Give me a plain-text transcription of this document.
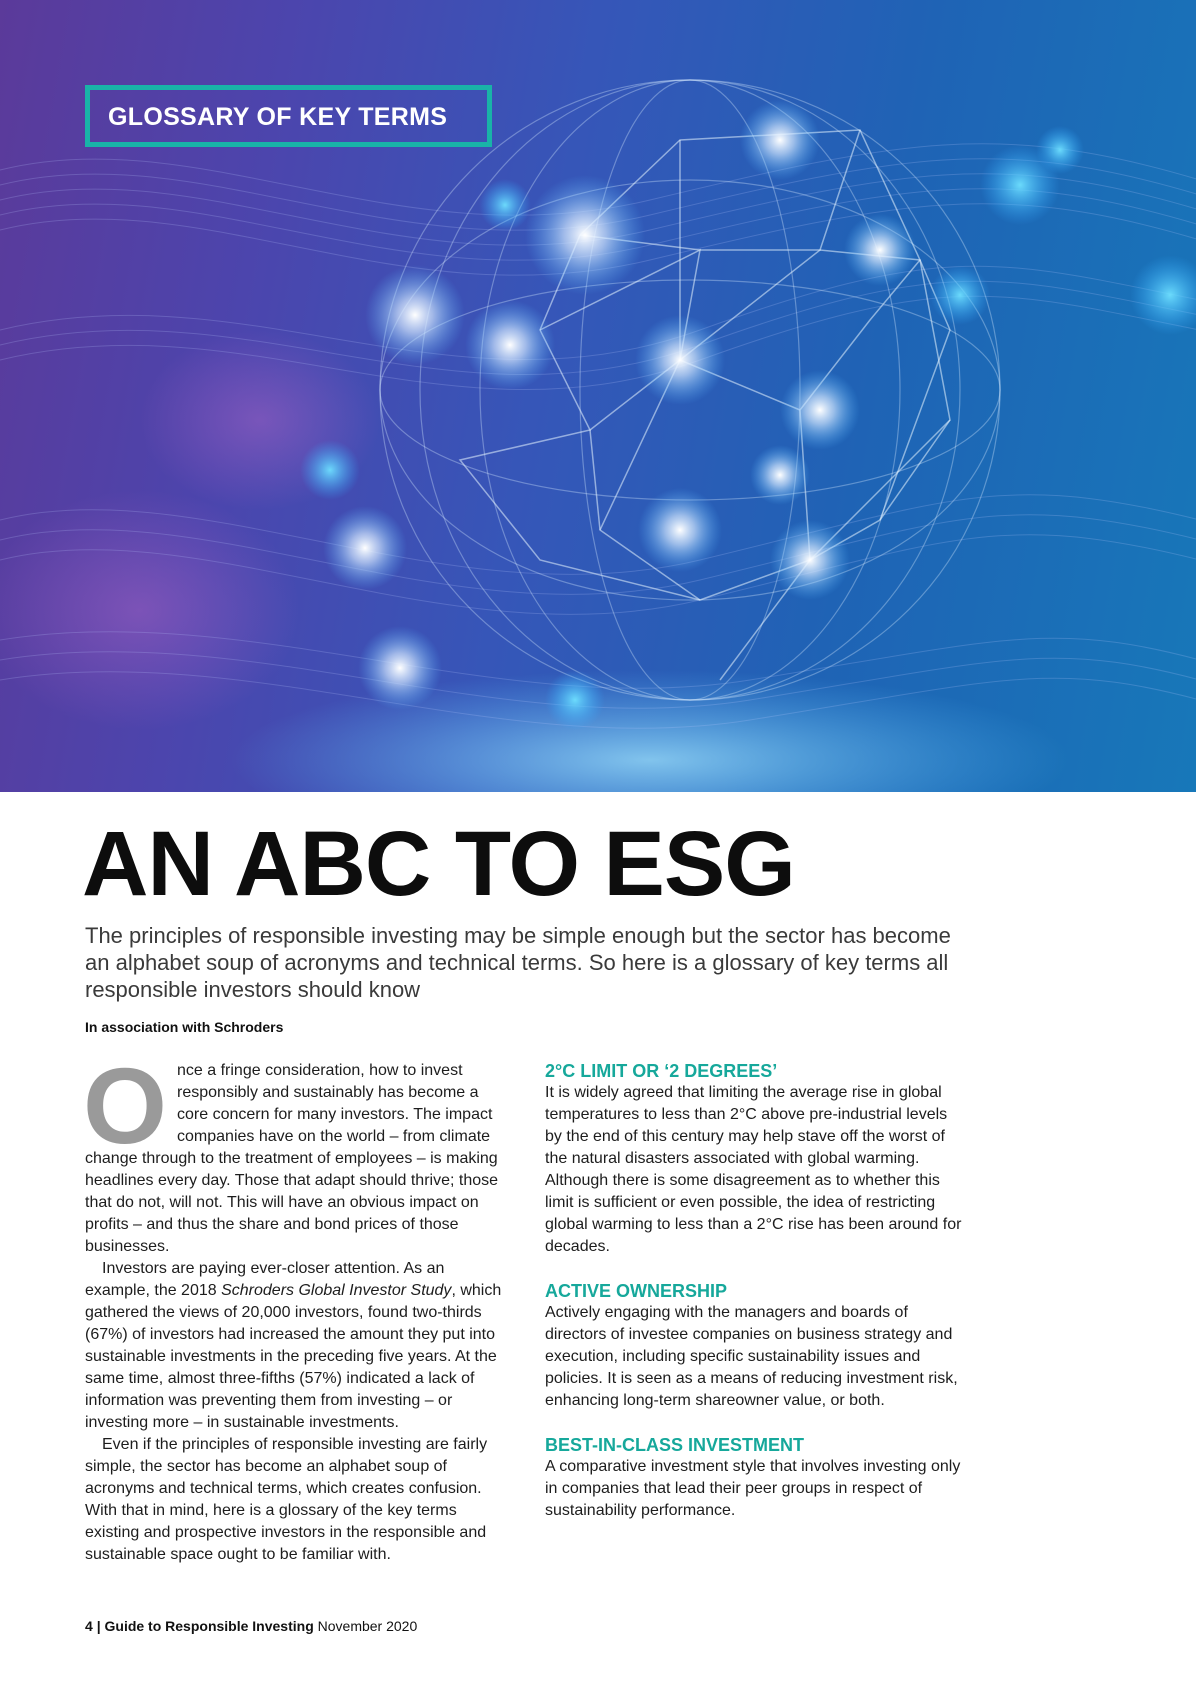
GLOSSARY OF KEY TERMS
AN ABC TO ESG
The principles of responsible investing may be simple enough but the sector has become an alphabet soup of acronyms and technical terms. So here is a glossary of key terms all responsible investors should know
In association with Schroders

Once a fringe consideration, how to invest responsibly and sustainably has become a core concern for many investors. The impact companies have on the world – from climate change through to the treatment of employees – is making headlines every day. Those that adapt should thrive; those that do not, will not. This will have an obvious impact on profits – and thus the share and bond prices of those businesses.

Investors are paying ever-closer attention. As an example, the 2018 Schroders Global Investor Study, which gathered the views of 20,000 investors, found two-thirds (67%) of investors had increased the amount they put into sustainable investments in the preceding five years. At the same time, almost three-fifths (57%) indicated a lack of information was preventing them from investing – or investing more – in sustainable investments.

Even if the principles of responsible investing are fairly simple, the sector has become an alphabet soup of acronyms and technical terms, which creates confusion. With that in mind, here is a glossary of the key terms existing and prospective investors in the responsible and sustainable space ought to be familiar with.

2°C LIMIT OR ‘2 DEGREES’

It is widely agreed that limiting the average rise in global temperatures to less than 2°C above pre-industrial levels by the end of this century may help stave off the worst of the natural disasters associated with global warming. Although there is some disagreement as to whether this limit is sufficient or even possible, the idea of restricting global warming to less than a 2°C rise has been around for decades.

ACTIVE OWNERSHIP

Actively engaging with the managers and boards of directors of investee companies on business strategy and execution, including specific sustainability issues and policies. It is seen as a means of reducing investment risk, enhancing long-term shareowner value, or both.

BEST-IN-CLASS INVESTMENT

A comparative investment style that involves investing only in companies that lead their peer groups in respect of sustainability performance.

4 | Guide to Responsible Investing November 2020
